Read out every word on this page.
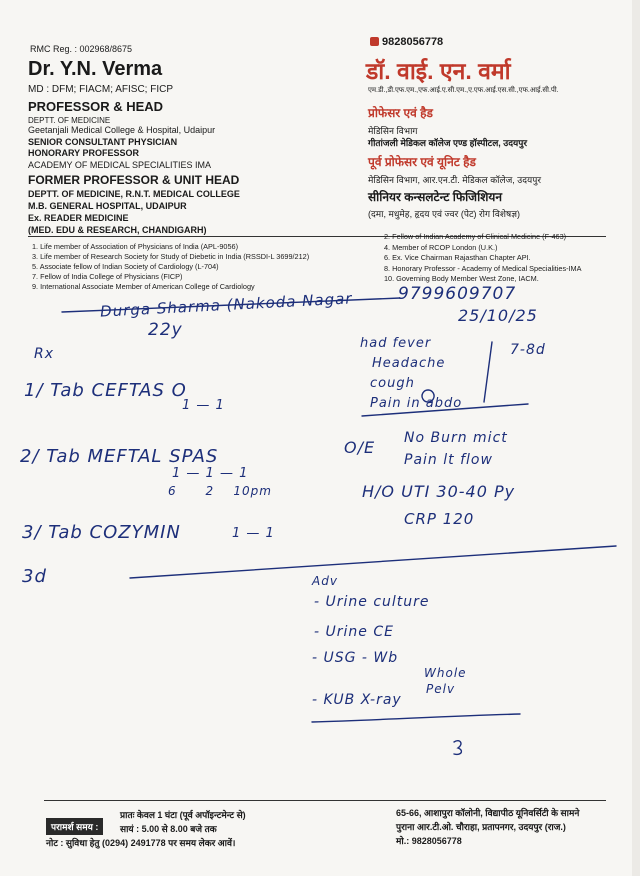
RMC Reg. : 002968/8675
Dr. Y.N. Verma
MD : DFM; FIACM; AFISC; FICP
PROFESSOR & HEAD
DEPTT. OF MEDICINE
Geetanjali Medical College & Hospital, Udaipur
SENIOR CONSULTANT PHYSICIAN
HONORARY PROFESSOR
ACADEMY OF MEDICAL SPECIALITIES IMA
FORMER PROFESSOR & UNIT HEAD
DEPTT. OF MEDICINE, R.N.T. MEDICAL COLLEGE
M.B. GENERAL HOSPITAL, UDAIPUR
Ex. READER MEDICINE
(MED. EDU & RESEARCH, CHANDIGARH)
9828056778
डॉ. वाई. एन. वर्मा
एम.डी.,डी.एफ.एम.,एफ.आई.ए.सी.एम.,ए.एफ.आई.एस.सी.,एफ.आई.सी.पी.
प्रोफेसर एवं हैड
मेडिसिन विभाग
गीतांजली मेडिकल कॉलेज एण्ड हॉस्पीटल, उदयपुर
पूर्व प्रोफेसर एवं यूनिट हैड
मेडिसिन विभाग, आर.एन.टी. मेडिकल कॉलेज, उदयपुर
सीनियर कन्सलटेन्ट फिजिशियन
(दमा, मधुमेह, हृदय एवं ज्वर (पेट) रोग विशेषज्ञ)
1. Life member of Association of Physicians of India (APL-9056)
3. Life member of Research Society for Study of Diebetic in India (RSSDI-L 3699/212)
5. Associate fellow of Indian Society of Cardiology (L-704)
7. Fellow of India College of Physicians (FICP)
9. International Associate Member of American College of Cardiology
2. Fellow of Indian Academy of Clinical Medicine (F-463)
4. Member of RCOP London (U.K.)
6. Ex. Vice Chairman Rajasthan Chapter API.
8. Honorary Professor - Academy of Medical Specialities-IMA
10. Governing Body Member West Zone, IACM.
Durga Sharma (Nakoda Nagar	9799609707
25/10/25
22y
Rx
1/ Tab CEFTAS O
1 — 1
2/ Tab MEFTAL SPAS
1 — 1 — 1
6      2    10pm
3/ Tab COZYMIN	1 — 1
3d
had fever	7-8d
Headache
cough
Pain in abdo
O/E No Burn mict
Pain lt flow
H/O UTI 30-40 Py
CRP 120
Adv
- Urine culture
- Urine CE
- USG - Wb
Whole
Pelv
- KUB X-ray
परामर्श समय :
प्रातः केवल 1 घंटा (पूर्व अपॉइन्टमेन्ट से)
सायं : 5.00 से 8.00 बजे तक
नोट : सुविधा हेतु (0294) 2491778 पर समय लेकर आवें।
65-66, आशापुरा कॉलोनी, विद्यापीठ यूनिवर्सिटी के सामने
पुराना आर.टी.ओ. चौराहा, प्रतापनगर, उदयपुर (राज.)
मो.: 9828056778
